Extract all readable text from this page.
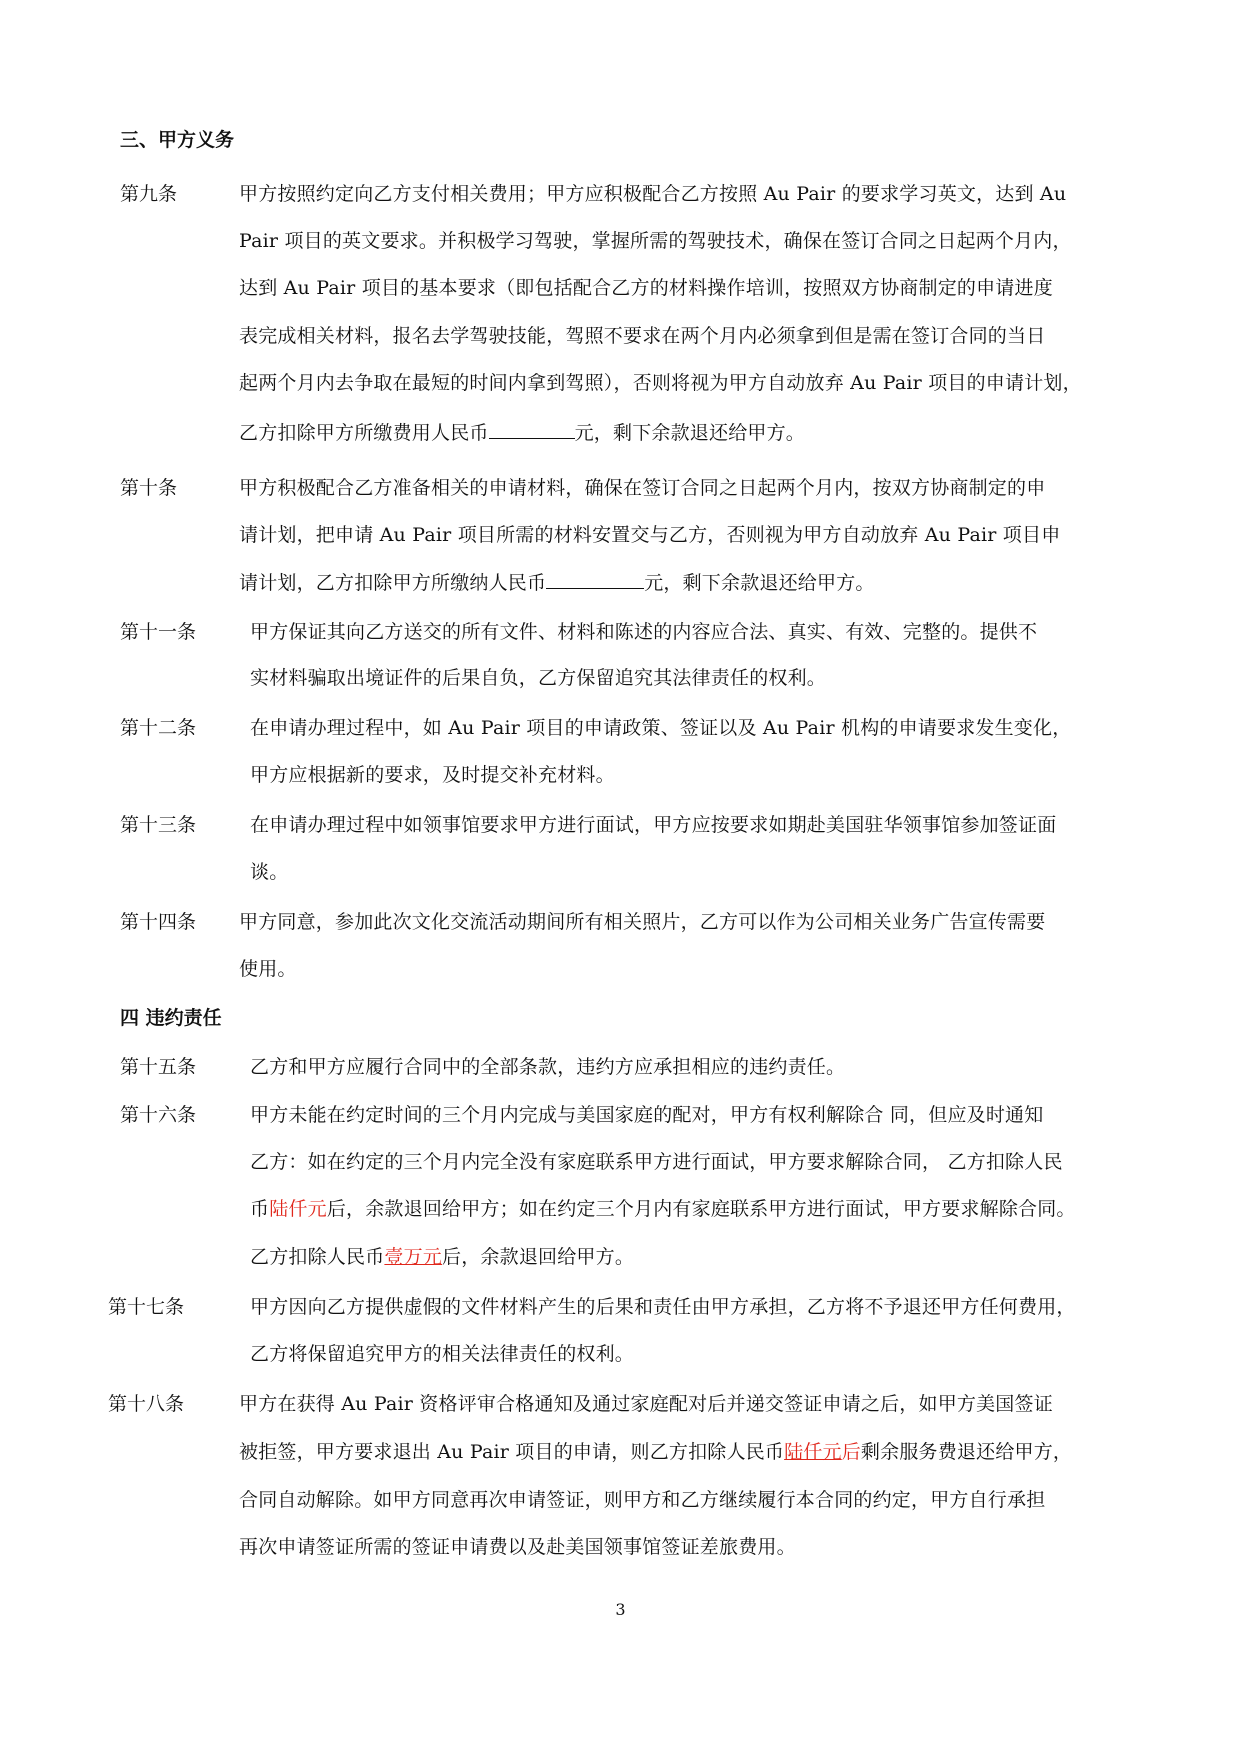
三、甲方义务
第九条	甲方按照约定向乙方支付相关费用；甲方应积极配合乙方按照 Au Pair 的要求学习英文，达到 Au
Pair 项目的英文要求。并积极学习驾驶，掌握所需的驾驶技术，确保在签订合同之日起两个月内，
达到 Au Pair 项目的基本要求（即包括配合乙方的材料操作培训，按照双方协商制定的申请进度
表完成相关材料，报名去学驾驶技能，驾照不要求在两个月内必须拿到但是需在签订合同的当日
起两个月内去争取在最短的时间内拿到驾照），否则将视为甲方自动放弃 Au Pair 项目的申请计划，
乙方扣除甲方所缴费用人民币	元，剩下余款退还给甲方。
第十条	甲方积极配合乙方准备相关的申请材料，确保在签订合同之日起两个月内，按双方协商制定的申
请计划，把申请 Au Pair 项目所需的材料安置交与乙方，否则视为甲方自动放弃 Au Pair 项目申
请计划，乙方扣除甲方所缴纳人民币	元，剩下余款退还给甲方。
第十一条	甲方保证其向乙方送交的所有文件、材料和陈述的内容应合法、真实、有效、完整的。提供不
实材料骗取出境证件的后果自负，乙方保留追究其法律责任的权利。
第十二条	在申请办理过程中，如 Au Pair 项目的申请政策、签证以及 Au Pair 机构的申请要求发生变化，
甲方应根据新的要求，及时提交补充材料。
第十三条	在申请办理过程中如领事馆要求甲方进行面试，甲方应按要求如期赴美国驻华领事馆参加签证面
谈。
第十四条 甲方同意，参加此次文化交流活动期间所有相关照片，乙方可以作为公司相关业务广告宣传需要
使用。
四 违约责任
第十五条	乙方和甲方应履行合同中的全部条款，违约方应承担相应的违约责任。
第十六条	甲方未能在约定时间的三个月内完成与美国家庭的配对，甲方有权利解除合 同，但应及时通知
乙方：如在约定的三个月内完全没有家庭联系甲方进行面试，甲方要求解除合同， 乙方扣除人民
币陆仟元后，余款退回给甲方；如在约定三个月内有家庭联系甲方进行面试，甲方要求解除合同。
乙方扣除人民币壹万元后，余款退回给甲方。
第十七条	甲方因向乙方提供虚假的文件材料产生的后果和责任由甲方承担，乙方将不予退还甲方任何费用，
乙方将保留追究甲方的相关法律责任的权利。
第十八条	甲方在获得 Au Pair 资格评审合格通知及通过家庭配对后并递交签证申请之后，如甲方美国签证
被拒签，甲方要求退出 Au Pair 项目的申请，则乙方扣除人民币陆仟元后剩余服务费退还给甲方，
合同自动解除。如甲方同意再次申请签证，则甲方和乙方继续履行本合同的约定，甲方自行承担
再次申请签证所需的签证申请费以及赴美国领事馆签证差旅费用。
3
